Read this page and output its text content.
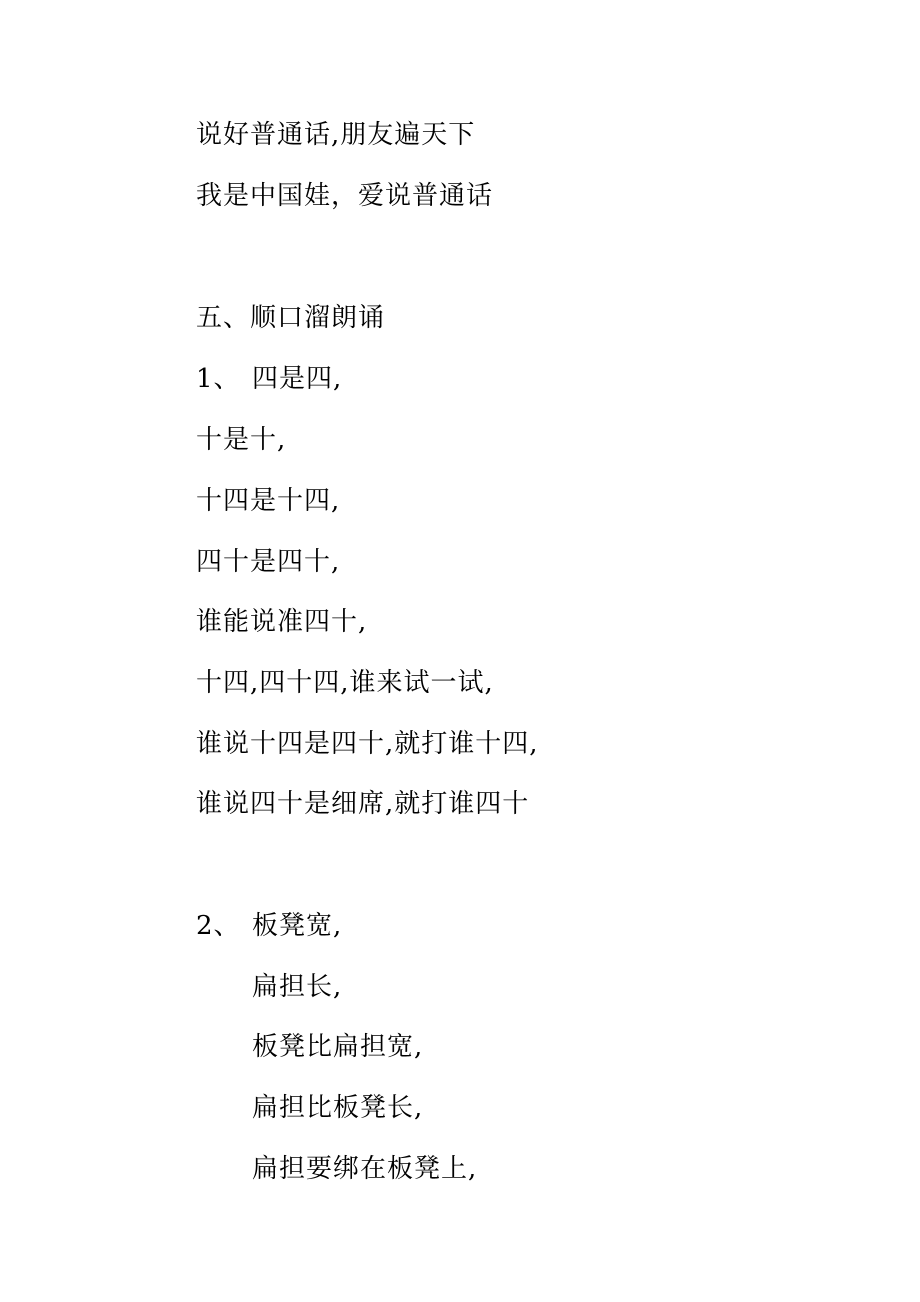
说好普通话,朋友遍天下
我是中国娃，爱说普通话
五、顺口溜朗诵
1、 四是四,
十是十,
十四是十四,
四十是四十,
谁能说准四十,
十四,四十四,谁来试一试,
谁说十四是四十,就打谁十四,
谁说四十是细席,就打谁四十
2、 板凳宽,
扁担长,
板凳比扁担宽,
扁担比板凳长,
扁担要绑在板凳上,
